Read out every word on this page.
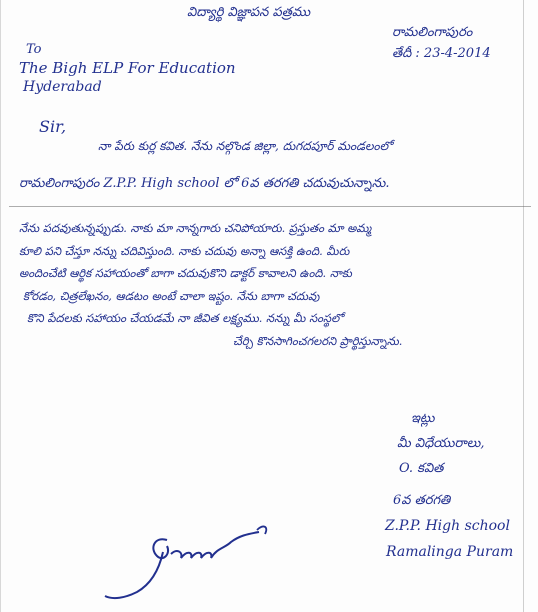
విద్యార్థి విజ్ఞాపన పత్రము
రామలింగాపురం
తేదీ : 23-4-2014
To
The Bigh ELP For Education
Hyderabad
Sir,
నా పేరు కుర్ల కవిత. నేను నల్గొండ జిల్లా, దుగదపూర్ మండలంలో
రామలింగాపురం Z.P.P. High school లో 6వ తరగతి చదువుచున్నాను.
నేను పదవుతున్నప్పుడు. నాకు మా నాన్నగారు చనిపోయారు. ప్రస్తుతం మా అమ్మ
కూలి పని చేస్తూ నన్ను చదివిస్తుంది. నాకు చదువు అన్నా ఆసక్తి ఉంది. మీరు
అందించేటి ఆర్థిక సహాయంతో బాగా చదువుకొని డాక్టర్ కావాలని ఉంది. నాకు
కోరడం, చిత్రలేఖనం, ఆడటం అంటే చాలా ఇష్టం. నేను బాగా చదువు
కొని పేదలకు సహాయం చేయడమే నా జీవిత లక్ష్యము. నన్ను మీ సంస్థలో
చేర్చి కొనసాగించగలరని ప్రార్థిస్తున్నాను.
ఇట్లు
మీ విధేయురాలు,
O. కవిత
6వ తరగతి
Z.P.P. High school
Ramalinga Puram
